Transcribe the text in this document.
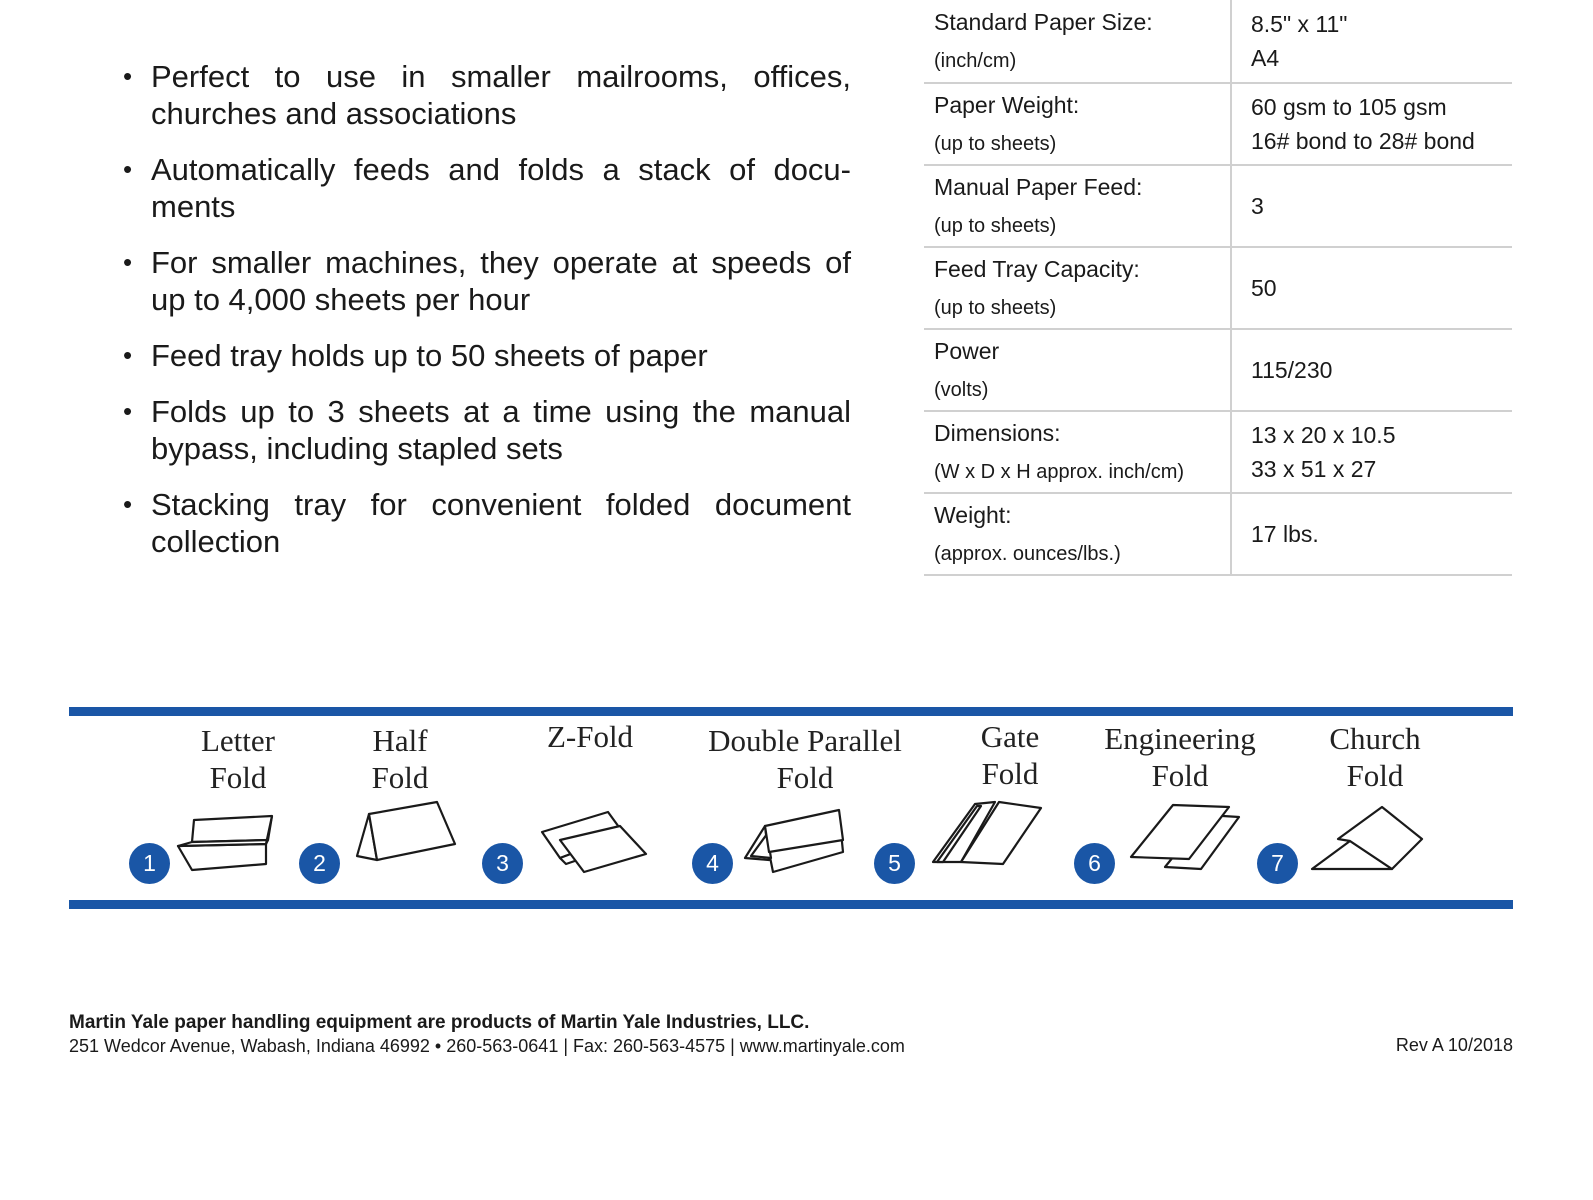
• Perfect to use in smaller mailrooms, offices, churches and associations
• Automatically feeds and folds a stack of docu-ments
• For smaller machines, they operate at speeds of up to 4,000 sheets per hour
• Feed tray holds up to 50 sheets of paper
• Folds up to 3 sheets at a time using the manual bypass, including stapled sets
• Stacking tray for convenient folded document collection
Standard Paper Size:
(inch/cm)	8.5" x 11"
A4

Paper Weight:
(up to sheets)	60 gsm to 105 gsm
16# bond to 28# bond

Manual Paper Feed:
(up to sheets)	3

Feed Tray Capacity:
(up to sheets)	50

Power
(volts)	115/230

Dimensions:
(W x D x H approx. inch/cm)	13 x 20 x 10.5
33 x 51 x 27

Weight:
(approx. ounces/lbs.)	17 lbs.
Letter
Fold
1
Half
Fold
2
Z-Fold
3
Double Parallel
Fold
4
Gate
Fold
5
Engineering
Fold
6
Church
Fold
7
Martin Yale paper handling equipment are products of Martin Yale Industries, LLC.
251 Wedcor Avenue, Wabash, Indiana 46992 • 260-563-0641 | Fax: 260-563-4575 | www.martinyale.com	Rev A 10/2018
